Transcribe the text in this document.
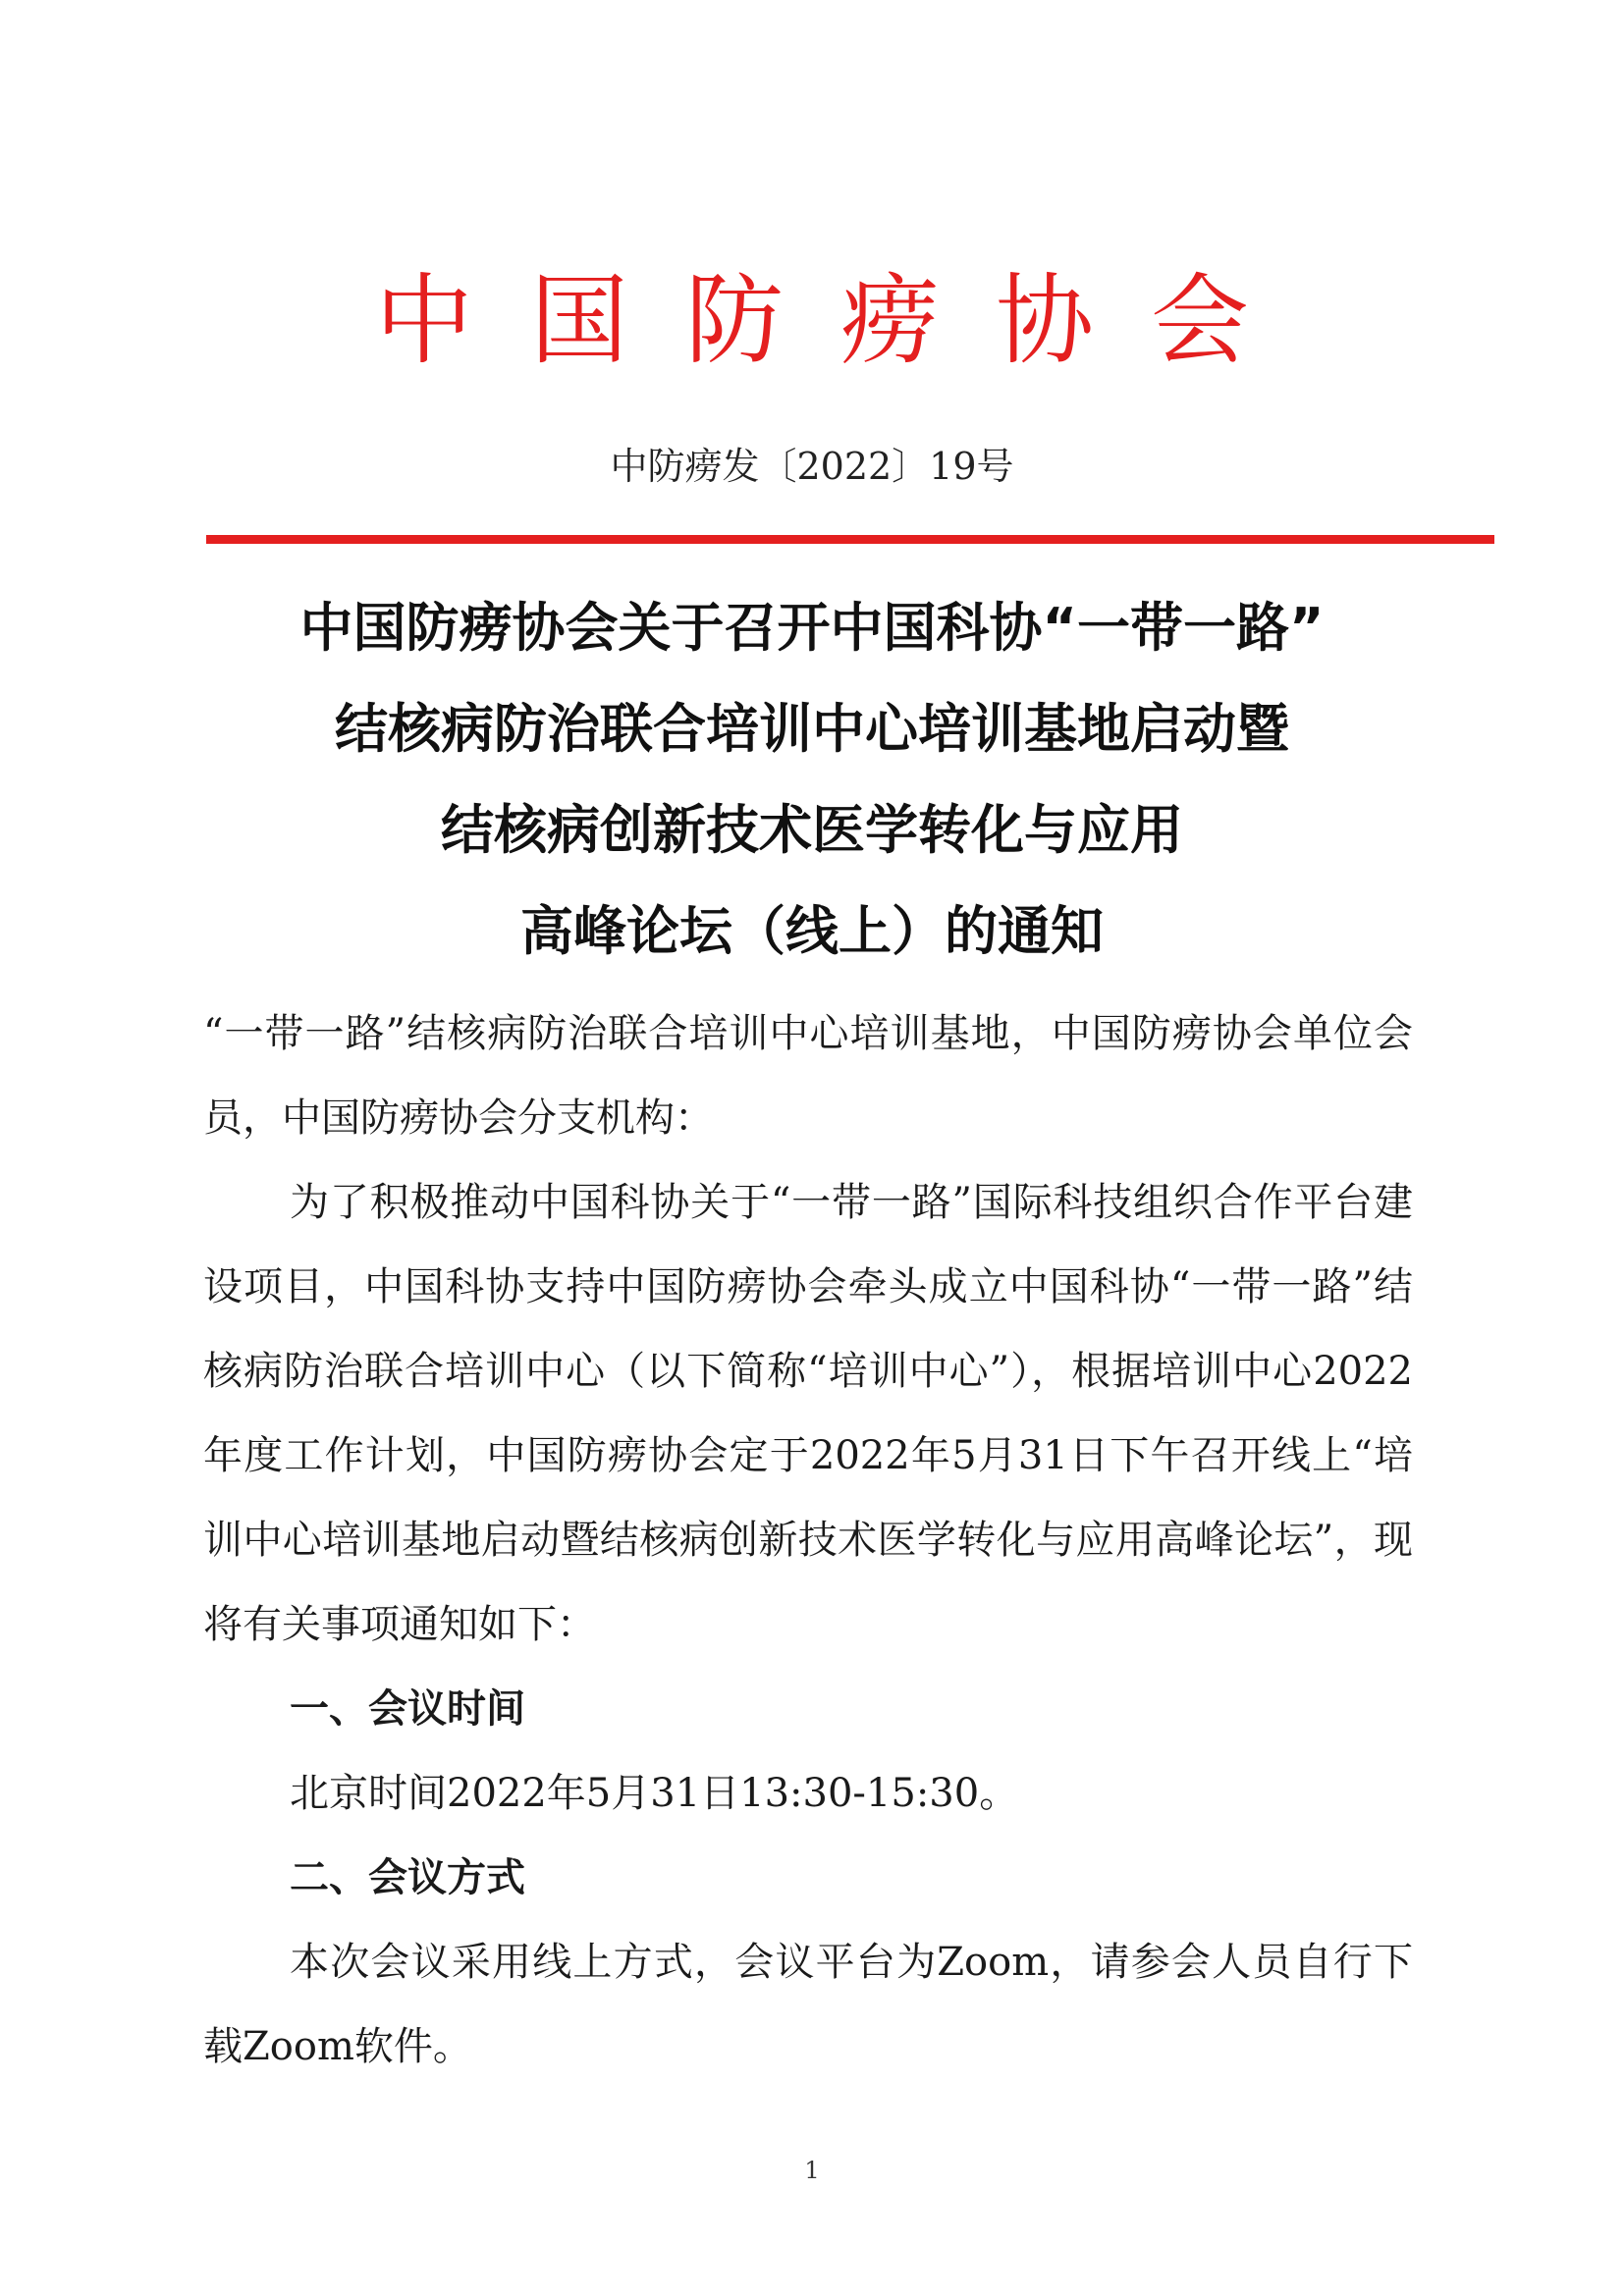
中国防痨协会
中防痨发〔2022〕19号
中国防痨协会关于召开中国科协“一带一路”
结核病防治联合培训中心培训基地启动暨
结核病创新技术医学转化与应用
高峰论坛（线上）的通知

“一带一路”结核病防治联合培训中心培训基地，中国防痨协会单位会员，中国防痨协会分支机构：

为了积极推动中国科协关于“一带一路”国际科技组织合作平台建设项目，中国科协支持中国防痨协会牵头成立中国科协“一带一路”结核病防治联合培训中心（以下简称“培训中心”），根据培训中心2022年度工作计划，中国防痨协会定于2022年5月31日下午召开线上“培训中心培训基地启动暨结核病创新技术医学转化与应用高峰论坛”，现将有关事项通知如下：

一、会议时间

北京时间2022年5月31日13:30-15:30。

二、会议方式

本次会议采用线上方式，会议平台为Zoom，请参会人员自行下载Zoom软件。

1
